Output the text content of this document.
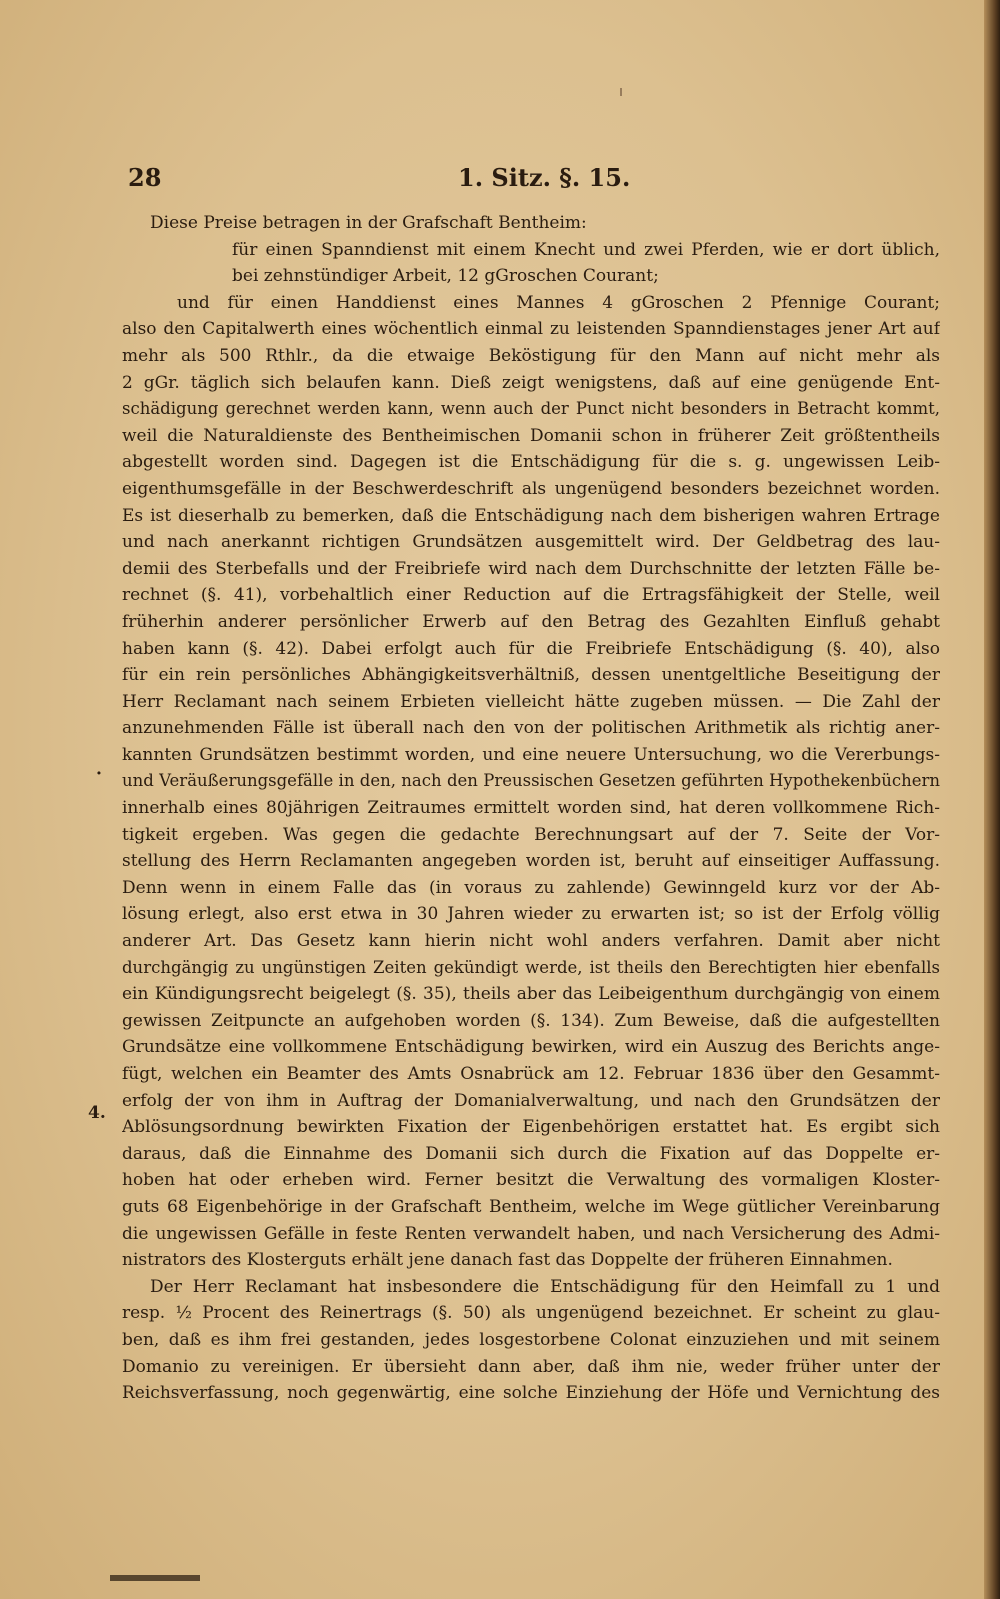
28	1. Sitz. §. 15.
·
4.
Diese Preise betragen in der Grafschaft Bentheim:
für einen Spanndienst mit einem Knecht und zwei Pferden, wie er dort üblich,
bei zehnstündiger Arbeit, 12 gGroschen Courant;
und für einen Handdienst eines Mannes 4 gGroschen 2 Pfennige Courant;
also den Capitalwerth eines wöchentlich einmal zu leistenden Spanndienstages jener Art auf
mehr als 500 Rthlr., da die etwaige Beköstigung für den Mann auf nicht mehr als
2 gGr. täglich sich belaufen kann. Dieß zeigt wenigstens, daß auf eine genügende Ent-
schädigung gerechnet werden kann, wenn auch der Punct nicht besonders in Betracht kommt,
weil die Naturaldienste des Bentheimischen Domanii schon in früherer Zeit größtentheils
abgestellt worden sind. Dagegen ist die Entschädigung für die s. g. ungewissen Leib-
eigenthumsgefälle in der Beschwerdeschrift als ungenügend besonders bezeichnet worden.
Es ist dieserhalb zu bemerken, daß die Entschädigung nach dem bisherigen wahren Ertrage
und nach anerkannt richtigen Grundsätzen ausgemittelt wird. Der Geldbetrag des lau-
demii des Sterbefalls und der Freibriefe wird nach dem Durchschnitte der letzten Fälle be-
rechnet (§. 41), vorbehaltlich einer Reduction auf die Ertragsfähigkeit der Stelle, weil
früherhin anderer persönlicher Erwerb auf den Betrag des Gezahlten Einfluß gehabt
haben kann (§. 42). Dabei erfolgt auch für die Freibriefe Entschädigung (§. 40), also
für ein rein persönliches Abhängigkeitsverhältniß, dessen unentgeltliche Beseitigung der
Herr Reclamant nach seinem Erbieten vielleicht hätte zugeben müssen. — Die Zahl der
anzunehmenden Fälle ist überall nach den von der politischen Arithmetik als richtig aner-
kannten Grundsätzen bestimmt worden, und eine neuere Untersuchung, wo die Vererbungs-
und Veräußerungsgefälle in den, nach den Preussischen Gesetzen geführten Hypothekenbüchern
innerhalb eines 80jährigen Zeitraumes ermittelt worden sind, hat deren vollkommene Rich-
tigkeit ergeben. Was gegen die gedachte Berechnungsart auf der 7. Seite der Vor-
stellung des Herrn Reclamanten angegeben worden ist, beruht auf einseitiger Auffassung.
Denn wenn in einem Falle das (in voraus zu zahlende) Gewinngeld kurz vor der Ab-
lösung erlegt, also erst etwa in 30 Jahren wieder zu erwarten ist; so ist der Erfolg völlig
anderer Art. Das Gesetz kann hierin nicht wohl anders verfahren. Damit aber nicht
durchgängig zu ungünstigen Zeiten gekündigt werde, ist theils den Berechtigten hier ebenfalls
ein Kündigungsrecht beigelegt (§. 35), theils aber das Leibeigenthum durchgängig von einem
gewissen Zeitpuncte an aufgehoben worden (§. 134). Zum Beweise, daß die aufgestellten
Grundsätze eine vollkommene Entschädigung bewirken, wird ein Auszug des Berichts ange-
fügt, welchen ein Beamter des Amts Osnabrück am 12. Februar 1836 über den Gesammt-
erfolg der von ihm in Auftrag der Domanialverwaltung, und nach den Grundsätzen der
Ablösungsordnung bewirkten Fixation der Eigenbehörigen erstattet hat. Es ergibt sich
daraus, daß die Einnahme des Domanii sich durch die Fixation auf das Doppelte er-
hoben hat oder erheben wird. Ferner besitzt die Verwaltung des vormaligen Kloster-
guts 68 Eigenbehörige in der Grafschaft Bentheim, welche im Wege gütlicher Vereinbarung
die ungewissen Gefälle in feste Renten verwandelt haben, und nach Versicherung des Admi-
nistrators des Klosterguts erhält jene danach fast das Doppelte der früheren Einnahmen.
Der Herr Reclamant hat insbesondere die Entschädigung für den Heimfall zu 1 und
resp. ½ Procent des Reinertrags (§. 50) als ungenügend bezeichnet. Er scheint zu glau-
ben, daß es ihm frei gestanden, jedes losgestorbene Colonat einzuziehen und mit seinem
Domanio zu vereinigen. Er übersieht dann aber, daß ihm nie, weder früher unter der
Reichsverfassung, noch gegenwärtig, eine solche Einziehung der Höfe und Vernichtung des
